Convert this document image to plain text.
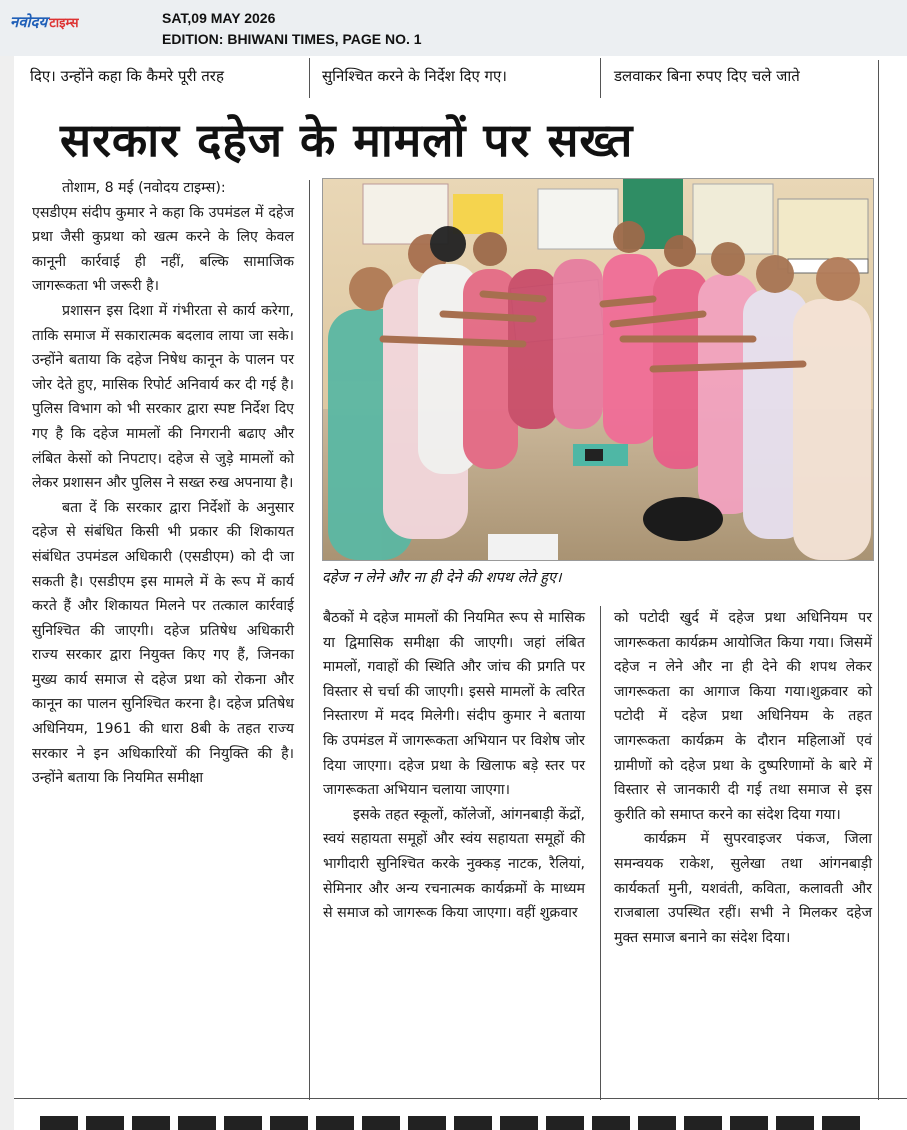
नवोदय टाइम्स	SAT,09 MAY 2026
EDITION: BHIWANI TIMES, PAGE NO. 1
दिए। उन्होंने कहा कि कैमरे पूरी तरह	सुनिश्चित करने के निर्देश दिए गए।	डलवाकर बिना रुपए दिए चले जाते
सरकार दहेज के मामलों पर सख्त

तोशाम, 8 मई (नवोदय टाइम्स):

एसडीएम संदीप कुमार ने कहा कि उपमंडल में दहेज प्रथा जैसी कुप्रथा को खत्म करने के लिए केवल कानूनी कार्रवाई ही नहीं, बल्कि सामाजिक जागरूकता भी जरूरी है।

प्रशासन इस दिशा में गंभीरता से कार्य करेगा, ताकि समाज में सकारात्मक बदलाव लाया जा सके। उन्होंने बताया कि दहेज निषेध कानून के पालन पर जोर देते हुए, मासिक रिपोर्ट अनिवार्य कर दी गई है। पुलिस विभाग को भी सरकार द्वारा स्पष्ट निर्देश दिए गए है कि दहेज मामलों की निगरानी बढाए और लंबित केसों को निपटाए। दहेज से जुड़े मामलों को लेकर प्रशासन और पुलिस ने सख्त रुख अपनाया है।

बता दें कि सरकार द्वारा निर्देशों के अनुसार दहेज से संबंधित किसी भी प्रकार की शिकायत संबंधित उपमंडल अधिकारी (एसडीएम) को दी जा सकती है। एसडीएम इस मामले में के रूप में कार्य करते हैं और शिकायत मिलने पर तत्काल कार्रवाई सुनिश्चित की जाएगी। दहेज प्रतिषेध अधिकारी राज्य सरकार द्वारा नियुक्त किए गए हैं, जिनका मुख्य कार्य समाज से दहेज प्रथा को रोकना और कानून का पालन सुनिश्चित करना है। दहेज प्रतिषेध अधिनियम, 1961 की धारा 8बी के तहत राज्य सरकार ने इन अधिकारियों की नियुक्ति की है। उन्होंने बताया कि नियमित समीक्षा

दहेज न लेने और ना ही देने की शपथ लेते हुए।

बैठकों मे दहेज मामलों की नियमित रूप से मासिक या द्विमासिक समीक्षा की जाएगी। जहां लंबित मामलों, गवाहों की स्थिति और जांच की प्रगति पर विस्तार से चर्चा की जाएगी। इससे मामलों के त्वरित निस्तारण में मदद मिलेगी। संदीप कुमार ने बताया कि उपमंडल में जागरूकता अभियान पर विशेष जोर दिया जाएगा। दहेज प्रथा के खिलाफ बड़े स्तर पर जागरूकता अभियान चलाया जाएगा।

इसके तहत स्कूलों, कॉलेजों, आंगनबाड़ी केंद्रों, स्वयं सहायता समूहों और स्वंय सहायता समूहों की भागीदारी सुनिश्चित करके नुक्कड़ नाटक, रैलियां, सेमिनार और अन्य रचनात्मक कार्यक्रमों के माध्यम से समाज को जागरूक किया जाएगा। वहीं शुक्रवार

को पटोदी खुर्द में दहेज प्रथा अधिनियम पर जागरूकता कार्यक्रम आयोजित किया गया। जिसमें दहेज न लेने और ना ही देने की शपथ लेकर जागरूकता का आगाज किया गया।शुक्रवार को पटोदी में दहेज प्रथा अधिनियम के तहत जागरूकता कार्यक्रम के दौरान महिलाओं एवं ग्रामीणों को दहेज प्रथा के दुष्परिणामों के बारे में विस्तार से जानकारी दी गई तथा समाज से इस कुरीति को समाप्त करने का संदेश दिया गया।

कार्यक्रम में सुपरवाइजर पंकज, जिला समन्वयक राकेश, सुलेखा तथा आंगनबाड़ी कार्यकर्ता मुनी, यशवंती, कविता, कलावती और राजबाला उपस्थित रहीं। सभी ने मिलकर दहेज मुक्त समाज बनाने का संदेश दिया।
